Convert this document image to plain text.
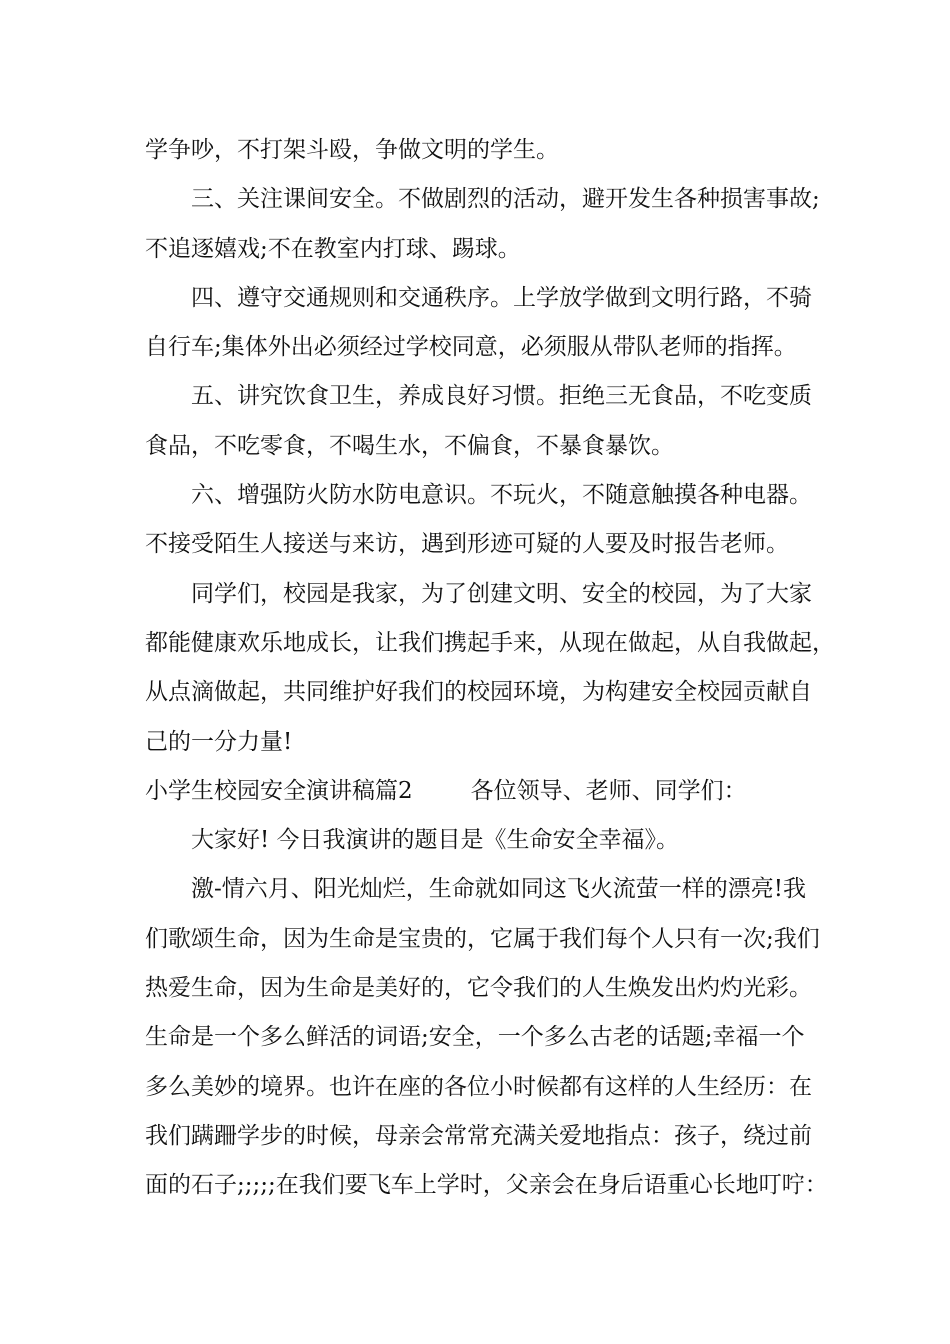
学争吵，不打架斗殴，争做文明的学生。
三、关注课间安全。不做剧烈的活动，避开发生各种损害事故;
不追逐嬉戏;不在教室内打球、踢球。
四、遵守交通规则和交通秩序。上学放学做到文明行路，不骑
自行车;集体外出必须经过学校同意，必须服从带队老师的指挥。
五、讲究饮食卫生，养成良好习惯。拒绝三无食品，不吃变质
食品，不吃零食，不喝生水，不偏食，不暴食暴饮。
六、增强防火防水防电意识。不玩火，不随意触摸各种电器。
不接受陌生人接送与来访，遇到形迹可疑的人要及时报告老师。
同学们，校园是我家，为了创建文明、安全的校园，为了大家
都能健康欢乐地成长，让我们携起手来，从现在做起，从自我做起，
从点滴做起，共同维护好我们的校园环境，为构建安全校园贡献自
己的一分力量!
小学生校园安全演讲稿篇2	各位领导、老师、同学们：
大家好! 今日我演讲的题目是《生命安全幸福》。
激-情六月、阳光灿烂，生命就如同这飞火流萤一样的漂亮!我
们歌颂生命，因为生命是宝贵的，它属于我们每个人只有一次;我们
热爱生命，因为生命是美好的，它令我们的人生焕发出灼灼光彩。
生命是一个多么鲜活的词语;安全，一个多么古老的话题;幸福一个
多么美妙的境界。也许在座的各位小时候都有这样的人生经历：在
我们蹒跚学步的时候，母亲会常常充满关爱地指点：孩子，绕过前
面的石子;;;;;在我们要飞车上学时，父亲会在身后语重心长地叮咛：
